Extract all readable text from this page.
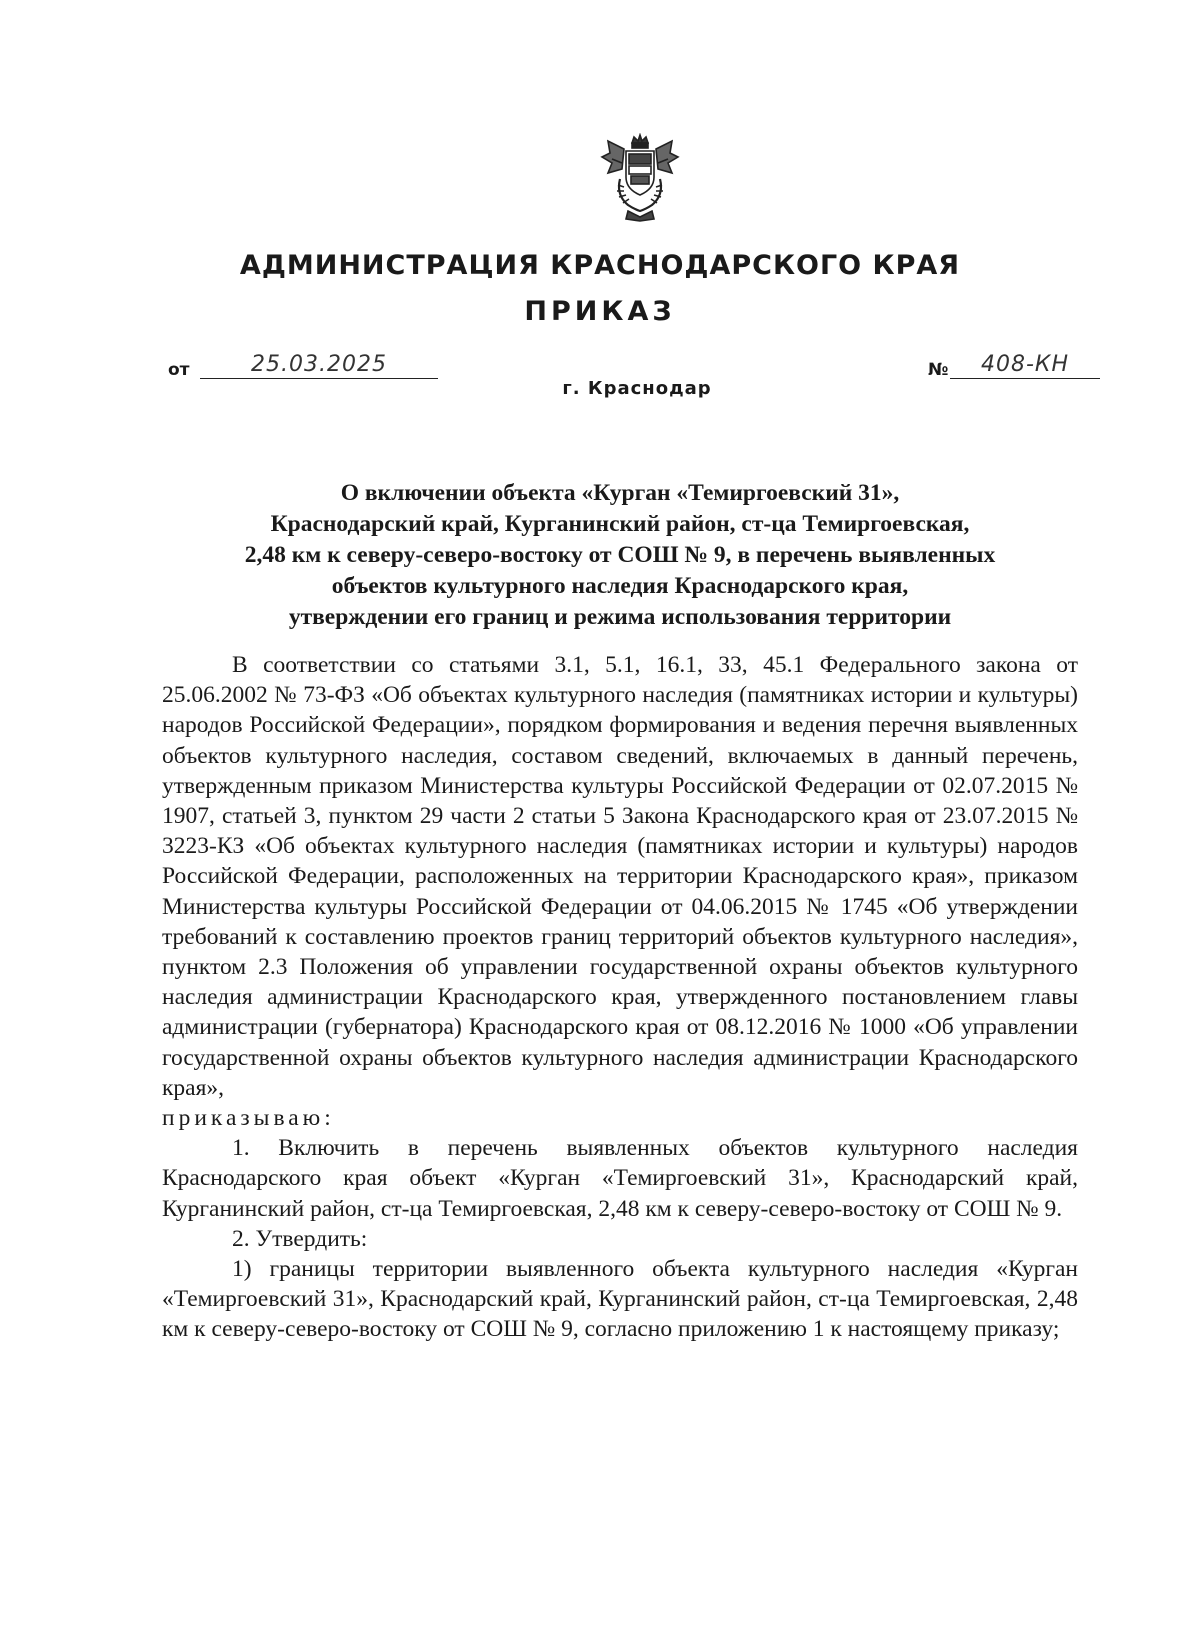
АДМИНИСТРАЦИЯ КРАСНОДАРСКОГО КРАЯ
ПРИКАЗ
от	25.03.2025	№	408-КН
г. Краснодар
О включении объекта «Курган «Темиргоевский 31»,
Краснодарский край, Курганинский район, ст-ца Темиргоевская,
2,48 км к северу-северо-востоку от СОШ № 9, в перечень выявленных
объектов культурного наследия Краснодарского края,
утверждении его границ и режима использования территории

В соответствии со статьями 3.1, 5.1, 16.1, 33, 45.1 Федерального закона от 25.06.2002 № 73-ФЗ «Об объектах культурного наследия (памятниках истории и культуры) народов Российской Федерации», порядком формирования и ведения перечня выявленных объектов культурного наследия, составом сведений, включаемых в данный перечень, утвержденным приказом Министерства культуры Российской Федерации от 02.07.2015 № 1907, статьей 3, пунктом 29 части 2 статьи 5 Закона Краснодарского края от 23.07.2015 № 3223-КЗ «Об объектах культурного наследия (памятниках истории и культуры) народов Российской Федерации, расположенных на территории Краснодарского края», приказом Министерства культуры Российской Федерации от 04.06.2015 № 1745 «Об утверждении требований к составлению проектов границ территорий объектов культурного наследия», пунктом 2.3 Положения об управлении государственной охраны объектов культурного наследия администрации Краснодарского края, утвержденного постановлением главы администрации (губернатора) Краснодарского края от 08.12.2016 № 1000 «Об управлении государственной охраны объектов культурного наследия администрации Краснодарского края»,

приказываю:

1. Включить в перечень выявленных объектов культурного наследия Краснодарского края объект «Курган «Темиргоевский 31», Краснодарский край, Курганинский район, ст-ца Темиргоевская, 2,48 км к северу-северо-востоку от СОШ № 9.

2. Утвердить:

1) границы территории выявленного объекта культурного наследия «Курган «Темиргоевский 31», Краснодарский край, Курганинский район, ст-ца Темиргоевская, 2,48 км к северу-северо-востоку от СОШ № 9, согласно приложению 1 к настоящему приказу;
